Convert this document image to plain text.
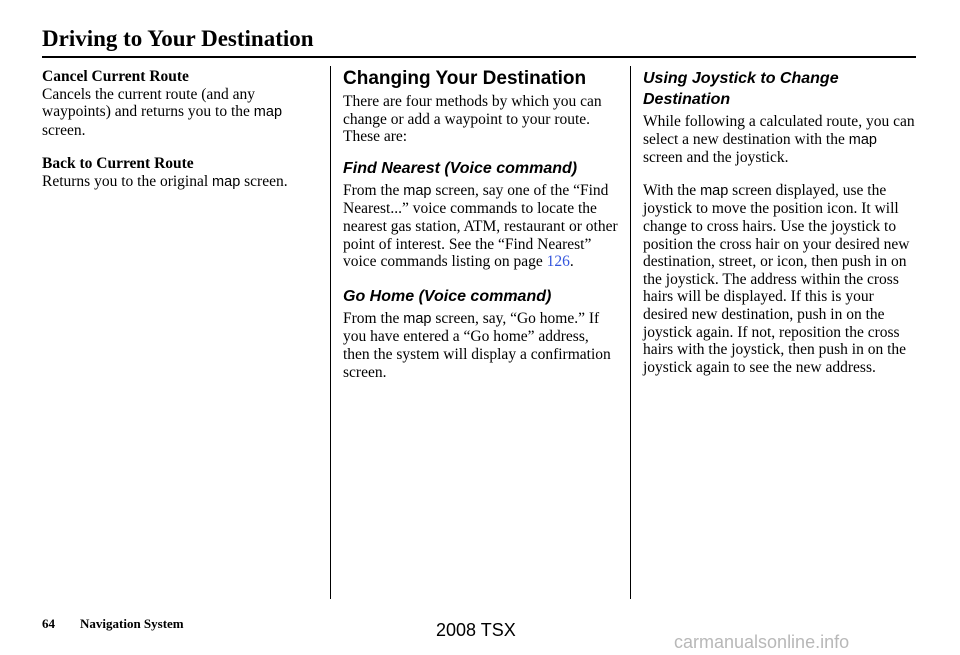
Driving to Your Destination
Cancel Current Route

Cancels the current route (and any waypoints) and returns you to the map screen.

Back to Current Route

Returns you to the original map screen.

Changing Your Destination

There are four methods by which you can change or add a waypoint to your route. These are:

Find Nearest (Voice command)

From the map screen, say one of the “Find Nearest...” voice commands to locate the nearest gas station, ATM, restaurant or other point of interest. See the “Find Nearest” voice commands listing on page 126.

Go Home (Voice command)

From the map screen, say, “Go home.” If you have entered a “Go home” address, then the system will display a confirmation screen.

Using Joystick to Change Destination

While following a calculated route, you can select a new destination with the map screen and the joystick.

With the map screen displayed, use the joystick to move the position icon. It will change to cross hairs. Use the joystick to position the cross hair on your desired new destination, street, or icon, then push in on the joystick. The address within the cross hairs will be displayed. If this is your desired new destination, push in on the joystick again. If not, reposition the cross hairs with the joystick, then push in on the joystick again to see the new address.

64 Navigation System	2008 TSX
carmanualsonline.info
